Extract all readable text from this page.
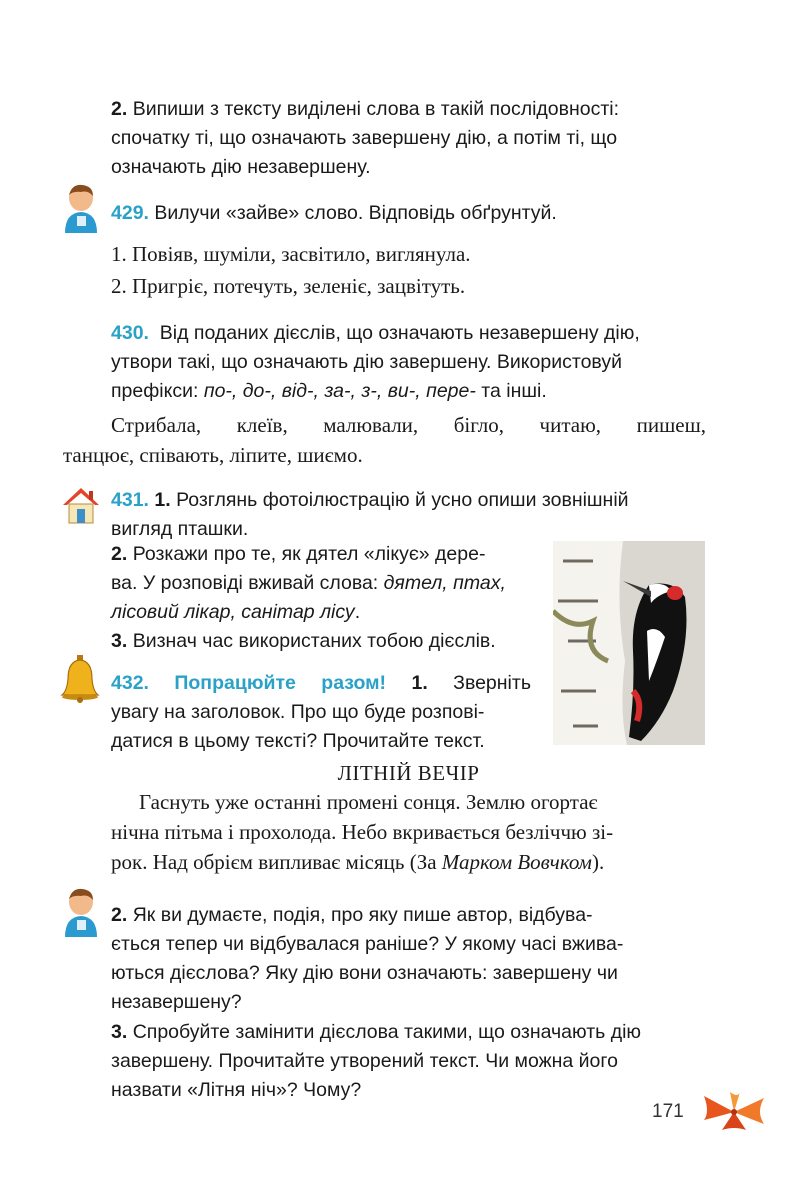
2. Випиши з тексту виділені слова в такій послідовності:
спочатку ті, що означають завершену дію, а потім ті, що
означають дію незавершену.
429. Вилучи «зайве» слово. Відповідь обґрунтуй.
1. Повіяв, шуміли, засвітило, виглянула.
2. Пригріє, потечуть, зеленіє, зацвітуть.
430. Від поданих дієслів, що означають незавершену дію,
утвори такі, що означають дію завершену. Використовуй
префікси: по-, до-, від-, за-, з-, ви-, пере- та інші.
Стрибала, клеїв, малювали, бігло, читаю, пишеш,
танцює, співають, ліпите, шиємо.
431. 1. Розглянь фотоілюстрацію й усно опиши зовнішній
вигляд пташки.
2. Розкажи про те, як дятел «лікує» дере-
ва. У розповіді вживай слова: дятел, птах,
лісовий лікар, санітар лісу.
3. Визнач час використаних тобою дієслів.
432. Попрацюйте разом! 1. Зверніть
увагу на заголовок. Про що буде розпові-
датися в цьому тексті? Прочитайте текст.
ЛІТНІЙ ВЕЧІР
Гаснуть уже останні промені сонця. Землю огортає
нічна пітьма і прохолода. Небо вкривається безліччю зі-
рок. Над обрієм випливає місяць (За Марком Вовчком).
2. Як ви думаєте, подія, про яку пише автор, відбува-
ється тепер чи відбувалася раніше? У якому часі вжива-
ються дієслова? Яку дію вони означають: завершену чи
незавершену?
3. Спробуйте замінити дієслова такими, що означають дію
завершену. Прочитайте утворений текст. Чи можна його
назвати «Літня ніч»? Чому?
171
